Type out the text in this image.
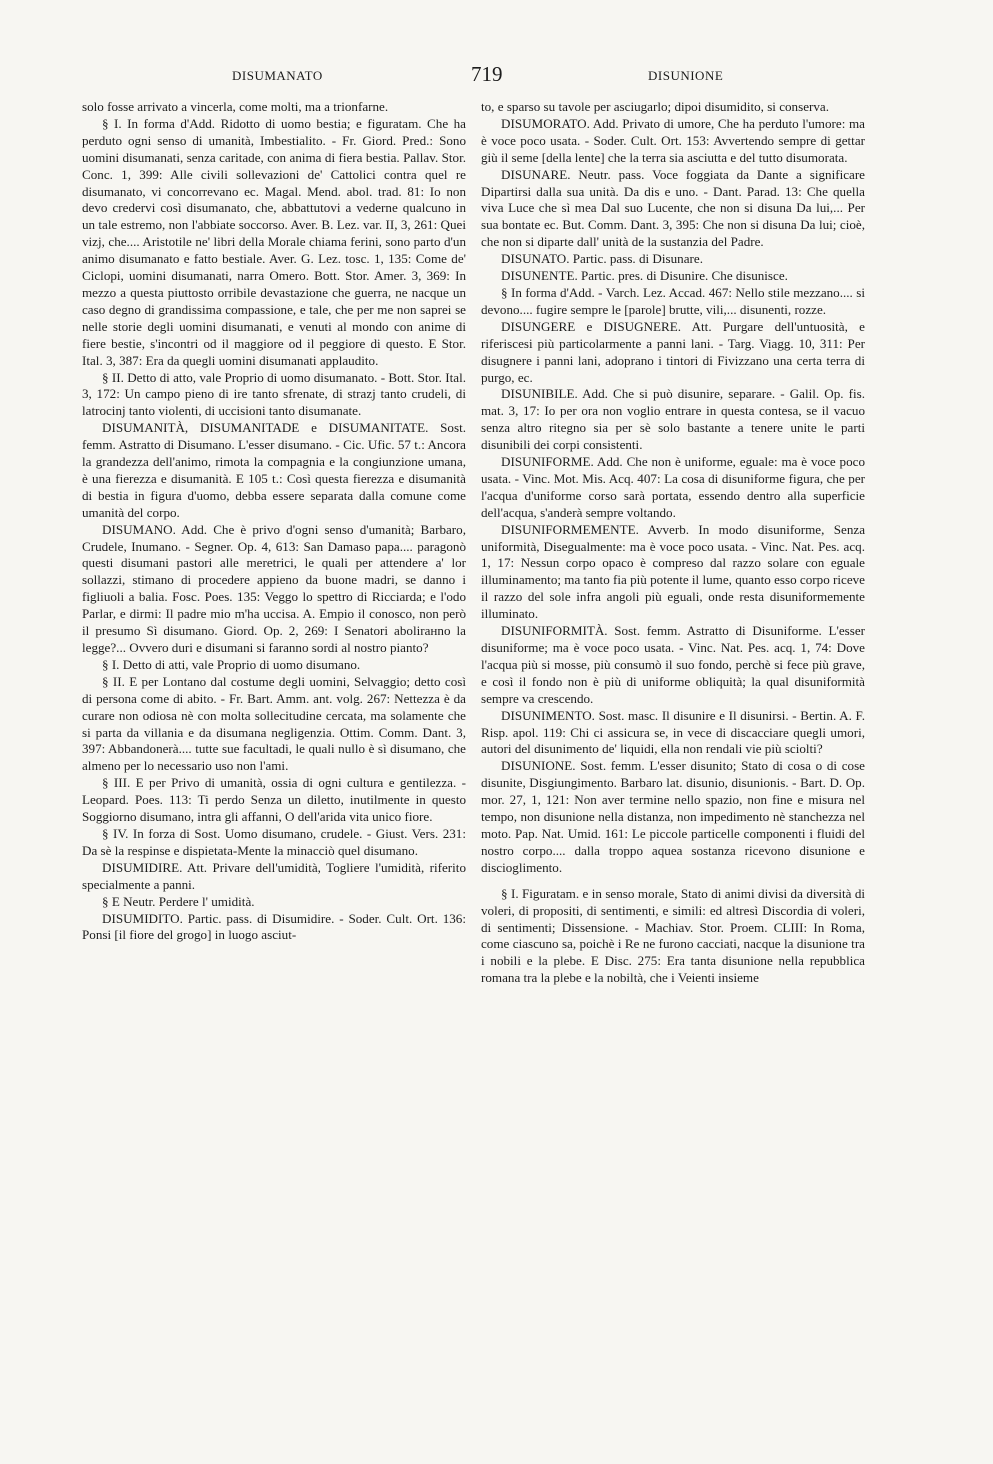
DISUMANATO	719	DISUNIONE

solo fosse arrivato a vincerla, come molti, ma a trionfarne.

§ I. In forma d'Add. Ridotto di uomo bestia; e figuratam. Che ha perduto ogni senso di umanità, Imbestialito. - Fr. Giord. Pred.: Sono uomini disumanati, senza caritade, con anima di fiera bestia. Pallav. Stor. Conc. 1, 399: Alle civili sollevazioni de' Cattolici contra quel re disumanato, vi concorrevano ec. Magal. Mend. abol. trad. 81: Io non devo credervi così disumanato, che, abbattutovi a vederne qualcuno in un tale estremo, non l'abbiate soccorso. Aver. B. Lez. var. II, 3, 261: Quei vizj, che.... Aristotile ne' libri della Morale chiama ferini, sono parto d'un animo disumanato e fatto bestiale. Aver. G. Lez. tosc. 1, 135: Come de' Ciclopi, uomini disumanati, narra Omero. Bott. Stor. Amer. 3, 369: In mezzo a questa piuttosto orribile devastazione che guerra, ne nacque un caso degno di grandissima compassione, e tale, che per me non saprei se nelle storie degli uomini disumanati, e venuti al mondo con anime di fiere bestie, s'incontri od il maggiore od il peggiore di questo. E Stor. Ital. 3, 387: Era da quegli uomini disumanati applaudito.

§ II. Detto di atto, vale Proprio di uomo disumanato. - Bott. Stor. Ital. 3, 172: Un campo pieno di ire tanto sfrenate, di strazj tanto crudeli, di latrocinj tanto violenti, di uccisioni tanto disumanate.

DISUMANITÀ, DISUMANITADE e DISUMANITATE. Sost. femm. Astratto di Disumano. L'esser disumano. - Cic. Ufic. 57 t.: Ancora la grandezza dell'animo, rimota la compagnia e la congiunzione umana, è una fierezza e disumanità. E 105 t.: Così questa fierezza e disumanità di bestia in figura d'uomo, debba essere separata dalla comune come umanità del corpo.

DISUMANO. Add. Che è privo d'ogni senso d'umanità; Barbaro, Crudele, Inumano. - Segner. Op. 4, 613: San Damaso papa.... paragonò questi disumani pastori alle meretrici, le quali per attendere a' lor sollazzi, stimano di procedere appieno da buone madri, se danno i figliuoli a balia. Fosc. Poes. 135: Veggo lo spettro di Ricciarda; e l'odo Parlar, e dirmi: Il padre mio m'ha uccisa. A. Empio il conosco, non però il presumo Sì disumano. Giord. Op. 2, 269: I Senatori abolirанno la legge?... Ovvero duri e disumani si faranno sordi al nostro pianto?

§ I. Detto di atti, vale Proprio di uomo disumano.

§ II. E per Lontano dal costume degli uomini, Selvaggio; detto così di persona come di abito. - Fr. Bart. Amm. ant. volg. 267: Nettezza è da curare non odiosa nè con molta sollecitudine cercata, ma solamente che si parta da villania e da disumana negligenzia. Ottim. Comm. Dant. 3, 397: Abbandonerà.... tutte sue facultadi, le quali nullo è sì disumano, che almeno per lo necessario uso non l'ami.

§ III. E per Privo di umanità, ossia di ogni cultura e gentilezza. - Leopard. Poes. 113: Ti perdo Senza un diletto, inutilmente in questo Soggiorno disumano, intra gli affanni, O dell'arida vita unico fiore.

§ IV. In forza di Sost. Uomo disumano, crudele. - Giust. Vers. 231: Da sè la respinse e dispietata-Mente la minacciò quel disumano.

DISUMIDIRE. Att. Privare dell'umidità, Togliere l'umidità, riferito specialmente a panni.

§ E Neutr. Perdere l' umidità.

DISUMIDITO. Partic. pass. di Disumidire. - Soder. Cult. Ort. 136: Ponsi [il fiore del grogo] in luogo asciut-

to, e sparso su tavole per asciugarlo; dipoi disumidito, si conserva.

DISUMORATO. Add. Privato di umore, Che ha perduto l'umore: ma è voce poco usata. - Soder. Cult. Ort. 153: Avvertendo sempre di gettar giù il seme [della lente] che la terra sia asciutta e del tutto disumorata.

DISUNARE. Neutr. pass. Voce foggiata da Dante a significare Dipartirsi dalla sua unità. Da dis e uno. - Dant. Parad. 13: Che quella viva Luce che sì mea Dal suo Lucente, che non si disuna Da lui,... Per sua bontate ec. But. Comm. Dant. 3, 395: Che non si disuna Da lui; cioè, che non si diparte dall' unità de la sustanzia del Padre.

DISUNATO. Partic. pass. di Disunare.

DISUNENTE. Partic. pres. di Disunire. Che disunisce.

§ In forma d'Add. - Varch. Lez. Accad. 467: Nello stile mezzano.... si devono.... fugire sempre le [parole] brutte, vili,... disunenti, rozze.

DISUNGERE e DISUGNERE. Att. Purgare dell'untuosità, e riferiscesi più particolarmente a panni lani. - Targ. Viagg. 10, 311: Per disugnere i panni lani, adoprano i tintori di Fivizzano una certa terra di purgo, ec.

DISUNIBILE. Add. Che si può disunire, separare. - Galil. Op. fis. mat. 3, 17: Io per ora non voglio entrare in questa contesa, se il vacuo senza altro ritegno sia per sè solo bastante a tenere unite le parti disunibili dei corpi consistenti.

DISUNIFORME. Add. Che non è uniforme, eguale: ma è voce poco usata. - Vinc. Mot. Mis. Acq. 407: La cosa di disuniforme figura, che per l'acqua d'uniforme corso sarà portata, essendo dentro alla superficie dell'acqua, s'anderà sempre voltando.

DISUNIFORMEMENTE. Avverb. In modo disuniforme, Senza uniformità, Disegualmente: ma è voce poco usata. - Vinc. Nat. Pes. acq. 1, 17: Nessun corpo opaco è compreso dal razzo solare con eguale illuminamento; ma tanto fia più potente il lume, quanto esso corpo riceve il razzo del sole infra angoli più eguali, onde resta disuniformemente illuminato.

DISUNIFORMITÀ. Sost. femm. Astratto di Disuniforme. L'esser disuniforme; ma è voce poco usata. - Vinc. Nat. Pes. acq. 1, 74: Dove l'acqua più si mosse, più consumò il suo fondo, perchè si fece più grave, e così il fondo non è più di uniforme obliquità; la qual disuniformità sempre va crescendo.

DISUNIMENTO. Sost. masc. Il disunire e Il disunirsi. - Bertin. A. F. Risp. apol. 119: Chi ci assicura se, in vece di discacciare quegli umori, autori del disunimento de' liquidi, ella non rendali vie più sciolti?

DISUNIONE. Sost. femm. L'esser disunito; Stato di cosa o di cose disunite, Disgiungimento. Barbaro lat. disunio, disunionis. - Bart. D. Op. mor. 27, 1, 121: Non aver termine nello spazio, non fine e misura nel tempo, non disunione nella distanza, non impedimento nè stanchezza nel moto. Pap. Nat. Umid. 161: Le piccole particelle componenti i fluidi del nostro corpo.... dalla troppo aquea sostanza ricevono disunione e discioglimento.

§ I. Figuratam. e in senso morale, Stato di animi divisi da diversità di voleri, di propositi, di sentimenti, e simili: ed altresì Discordia di voleri, di sentimenti; Dissensione. - Machiav. Stor. Proem. CLIII: In Roma, come ciascuno sa, poichè i Re ne furono cacciati, nacque la disunione tra i nobili e la plebe. E Disc. 275: Era tanta disunione nella repubblica romana tra la plebe e la nobiltà, che i Veienti insieme
